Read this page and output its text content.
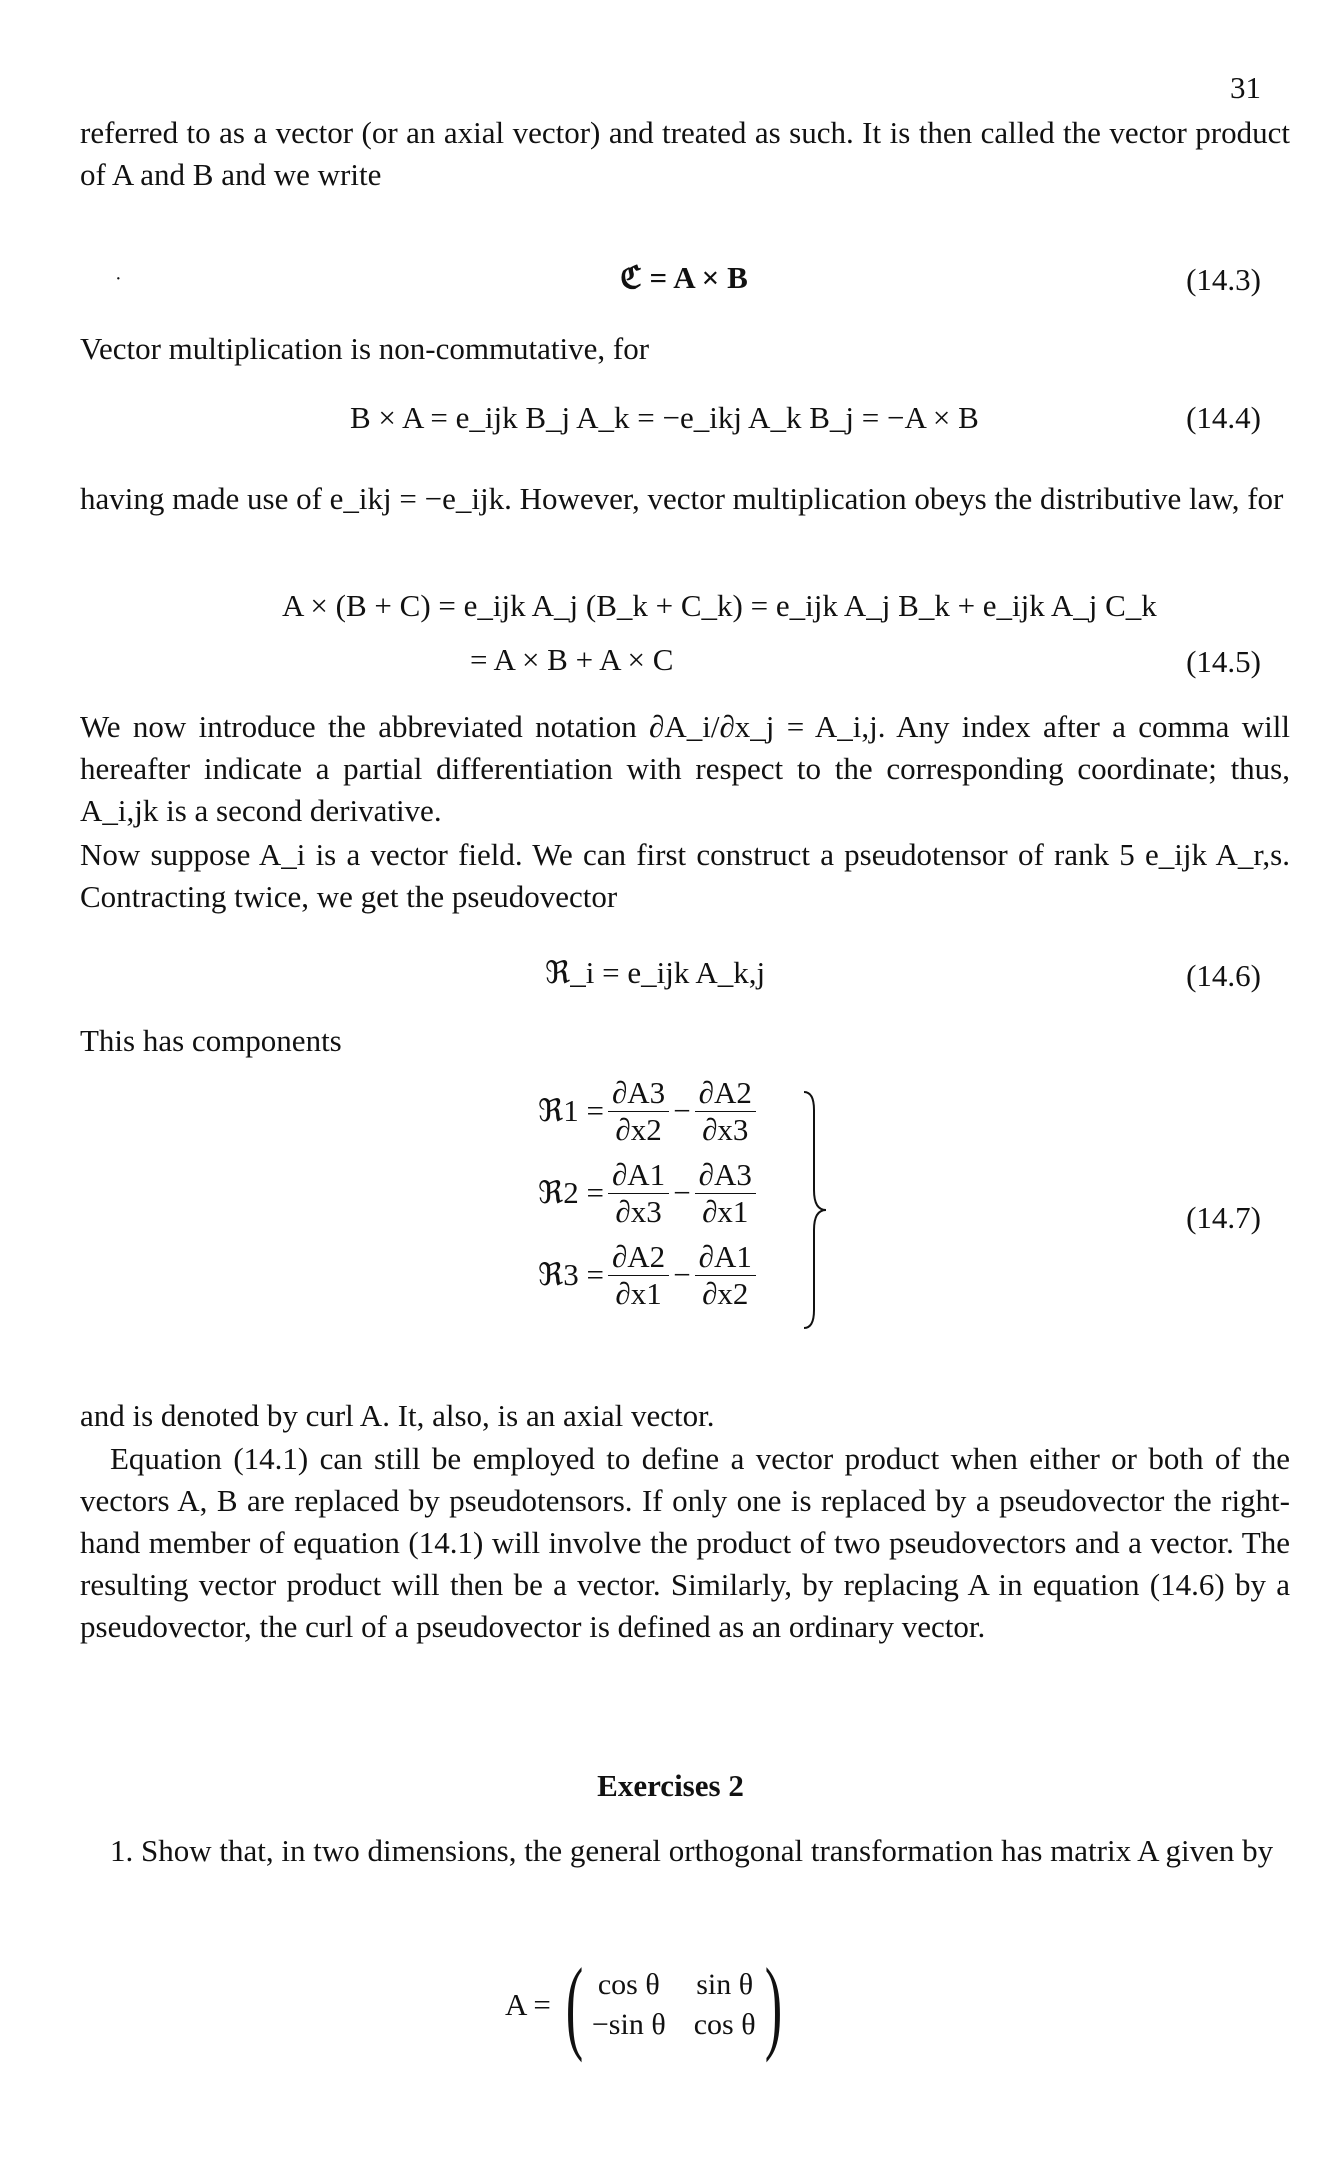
31
referred to as a vector (or an axial vector) and treated as such. It is then called the vector product of A and B and we write
·	ℭ = A × B	(14.3)
Vector multiplication is non-commutative, for
B × A = e_ijk B_j A_k = −e_ikj A_k B_j = −A × B	(14.4)
having made use of e_ikj = −e_ijk. However, vector multiplication obeys the distributive law, for
A × (B + C) = e_ijk A_j (B_k + C_k) = e_ijk A_j B_k + e_ijk A_j C_k
= A × B + A × C	(14.5)
We now introduce the abbreviated notation ∂A_i/∂x_j = A_i,j. Any index after a comma will hereafter indicate a partial differentiation with respect to the corresponding coordinate; thus, A_i,jk is a second derivative.
Now suppose A_i is a vector field. We can first construct a pseudotensor of rank 5 e_ijk A_r,s. Contracting twice, we get the pseudovector
ℜ_i = e_ijk A_k,j	(14.6)
This has components
ℜ1 = $\frac{\partial A3}{\partial x2} - \frac{\partial A2}{\partial x3}$
ℜ2 = $\frac{\partial A1}{\partial x3} - \frac{\partial A3}{\partial x1}$
ℜ3 = $\frac{\partial A2}{\partial x1} - \frac{\partial A1}{\partial x2}$
(14.7)
and is denoted by curl A. It, also, is an axial vector.
Equation (14.1) can still be employed to define a vector product when either or both of the vectors A, B are replaced by pseudotensors. If only one is replaced by a pseudovector the right-hand member of equation (14.1) will involve the product of two pseudovectors and a vector. The resulting vector product will then be a vector. Similarly, by replacing A in equation (14.6) by a pseudovector, the curl of a pseudovector is defined as an ordinary vector.
Exercises 2
1. Show that, in two dimensions, the general orthogonal transformation has matrix A given by
A = ( cos θ sin θ
−sin θ cos θ )
